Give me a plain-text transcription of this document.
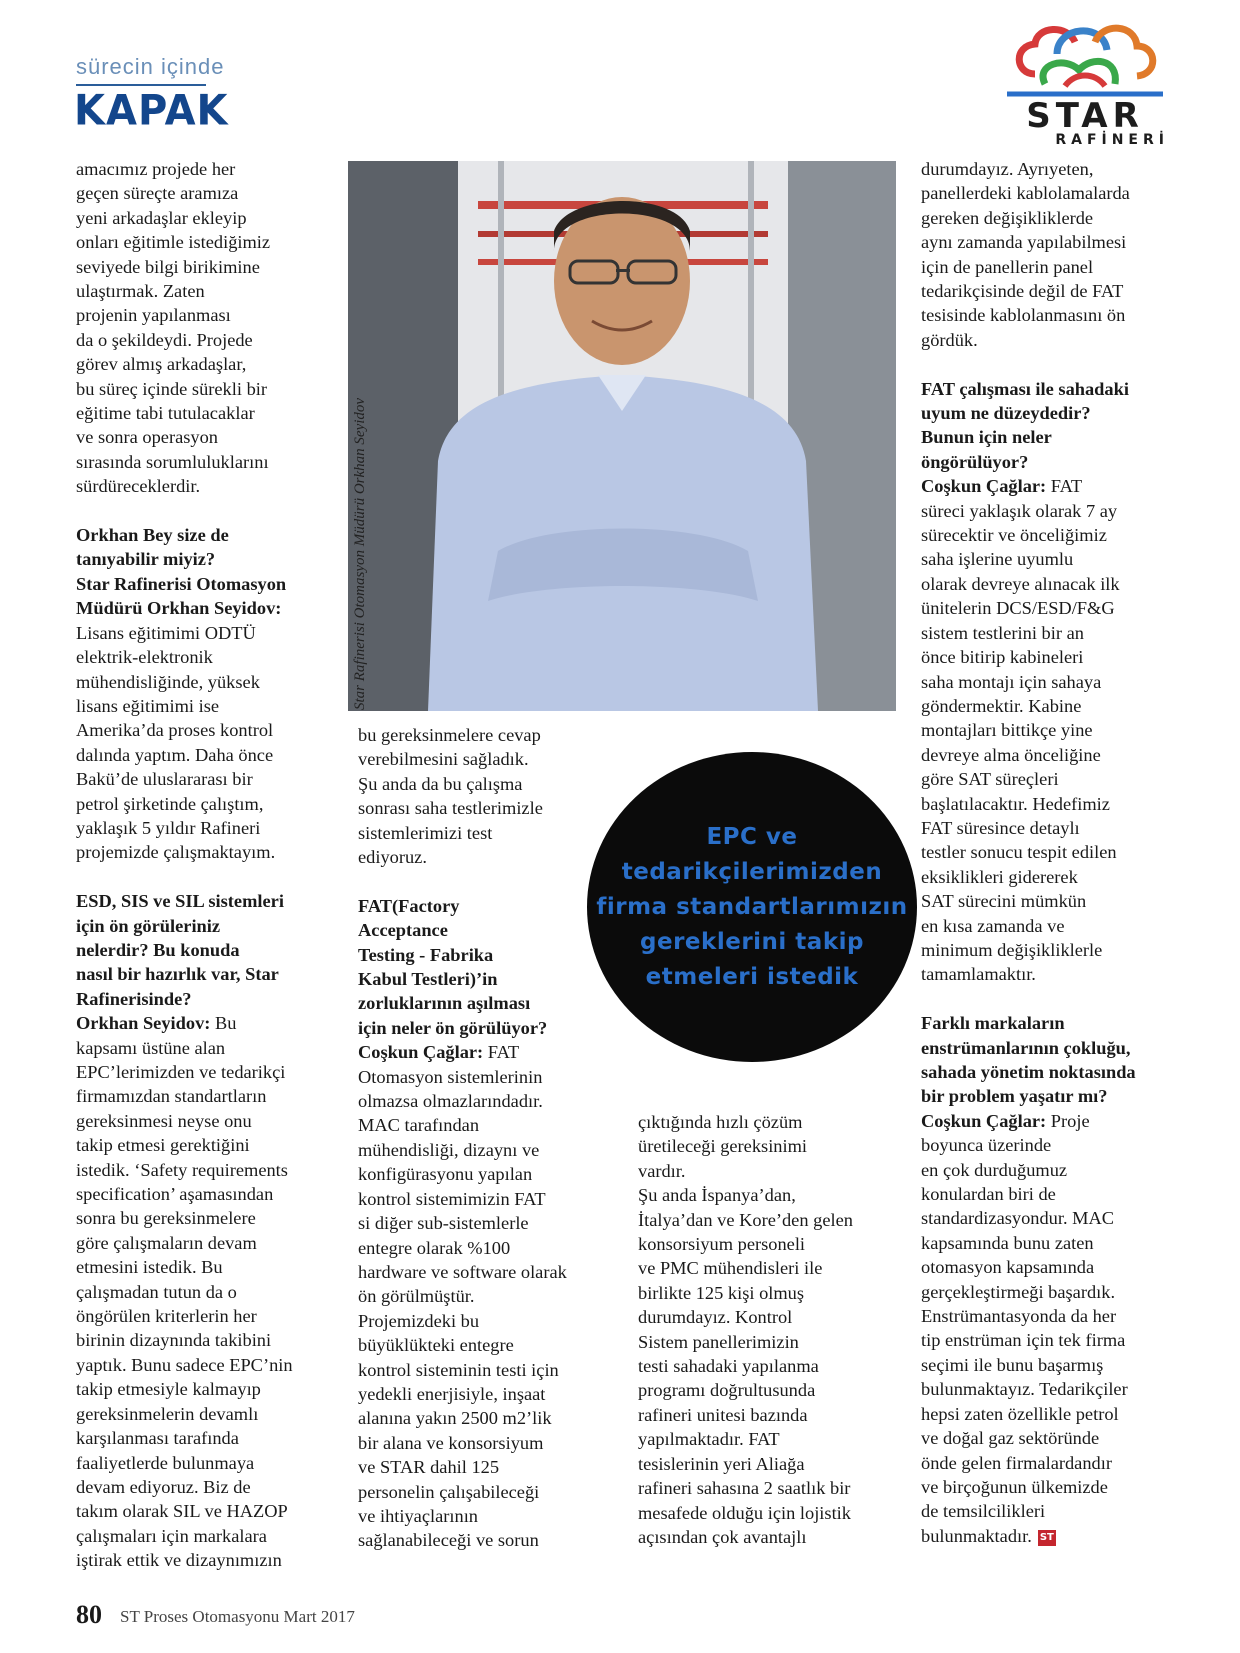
sürecin içinde
KAPAK	STAR
RAFİNERİ

amacımız projede her
geçen süreçte aramıza
yeni arkadaşlar ekleyip
onları eğitimle istediğimiz
seviyede bilgi birikimine
ulaştırmak. Zaten
projenin yapılanması
da o şekildeydi. Projede
görev almış arkadaşlar,
bu süreç içinde sürekli bir
eğitime tabi tutulacaklar
ve sonra operasyon
sırasında sorumluluklarını
sürdüreceklerdir.

Orkhan Bey size de
tanıyabilir miyiz?

Star Rafinerisi Otomasyon
Müdürü Orkhan Seyidov:
Lisans eğitimimi ODTÜ
elektrik-elektronik
mühendisliğinde, yüksek
lisans eğitimimi ise
Amerika’da proses kontrol
dalında yaptım. Daha önce
Bakü’de uluslararası bir
petrol şirketinde çalıştım,
yaklaşık 5 yıldır Rafineri
projemizde çalışmaktayım.

ESD, SIS ve SIL sistemleri
için ön görüleriniz
nelerdir? Bu konuda
nasıl bir hazırlık var, Star
Rafinerisinde?

Orkhan Seyidov: Bu
kapsamı üstüne alan
EPC’lerimizden ve tedarikçi
firmamızdan standartların
gereksinmesi neyse onu
takip etmesi gerektiğini
istedik. ‘Safety requirements
specification’ aşamasından
sonra bu gereksinmelere
göre çalışmaların devam
etmesini istedik. Bu
çalışmadan tutun da o
öngörülen kriterlerin her
birinin dizaynında takibini
yaptık. Bunu sadece EPC’nin
takip etmesiyle kalmayıp
gereksinmelerin devamlı
karşılanması tarafında
faaliyetlerde bulunmaya
devam ediyoruz. Biz de
takım olarak SIL ve HAZOP
çalışmaları için markalara
iştirak ettik ve dizaynımızın

Star Rafinerisi Otomasyon Müdürü Orkhan Seyidov

bu gereksinmelere cevap
verebilmesini sağladık.
Şu anda da bu çalışma
sonrası saha testlerimizle
sistemlerimizi test
ediyoruz.

FAT(Factory
Acceptance
Testing - Fabrika
Kabul Testleri)’in
zorluklarının aşılması
için neler ön görülüyor?

Coşkun Çağlar: FAT
Otomasyon sistemlerinin
olmazsa olmazlarındadır.
MAC tarafından
mühendisliği, dizaynı ve
konfigürasyonu yapılan
kontrol sistemimizin FAT
si diğer sub-sistemlerle
entegre olarak %100
hardware ve software olarak
ön görülmüştür.
Projemizdeki bu
büyüklükteki entegre
kontrol sisteminin testi için
yedekli enerjisiyle, inşaat
alanına yakın 2500 m2’lik
bir alana ve konsorsiyum
ve STAR dahil 125
personelin çalışabileceği
ve ihtiyaçlarının
sağlanabileceği ve sorun

EPC ve
tedarikçilerimizden
firma standartlarımızın
gereklerini takip
etmeleri istedik

çıktığında hızlı çözüm
üretileceği gereksinimi
vardır.
Şu anda İspanya’dan,
İtalya’dan ve Kore’den gelen
konsorsiyum personeli
ve PMC mühendisleri ile
birlikte 125 kişi olmuş
durumdayız. Kontrol
Sistem panellerimizin
testi sahadaki yapılanma
programı doğrultusunda
rafineri unitesi bazında
yapılmaktadır. FAT
tesislerinin yeri Aliağa
rafineri sahasına 2 saatlık bir
mesafede olduğu için lojistik
açısından çok avantajlı

durumdayız. Ayrıyeten,
panellerdeki kablolamalarda
gereken değişikliklerde
aynı zamanda yapılabilmesi
için de panellerin panel
tedarikçisinde değil de FAT
tesisinde kablolanmasını ön
gördük.

FAT çalışması ile sahadaki
uyum ne düzeydedir?
Bunun için neler
öngörülüyor?

Coşkun Çağlar: FAT
süreci yaklaşık olarak 7 ay
sürecektir ve önceliğimiz
saha işlerine uyumlu
olarak devreye alınacak ilk
ünitelerin DCS/ESD/F&G
sistem testlerini bir an
önce bitirip kabineleri
saha montajı için sahaya
göndermektir. Kabine
montajları bittikçe yine
devreye alma önceliğine
göre SAT süreçleri
başlatılacaktır. Hedefimiz
FAT süresince detaylı
testler sonucu tespit edilen
eksiklikleri gidererek
SAT sürecini mümkün
en kısa zamanda ve
minimum değişikliklerle
tamamlamaktır.

Farklı markaların
enstrümanlarının çokluğu,
sahada yönetim noktasında
bir problem yaşatır mı?

Coşkun Çağlar: Proje
boyunca üzerinde
en çok durduğumuz
konulardan biri de
standardizasyondur. MAC
kapsamında bunu zaten
otomasyon kapsamında
gerçekleştirmeği başardık.
Enstrümantasyonda da her
tip enstrüman için tek firma
seçimi ile bunu başarmış
bulunmaktayız. Tedarikçiler
hepsi zaten özellikle petrol
ve doğal gaz sektöründe
önde gelen firmalardandır
ve birçoğunun ülkemizde
de temsilcilikleri
bulunmaktadır. ST

80 ST Proses Otomasyonu Mart 2017
